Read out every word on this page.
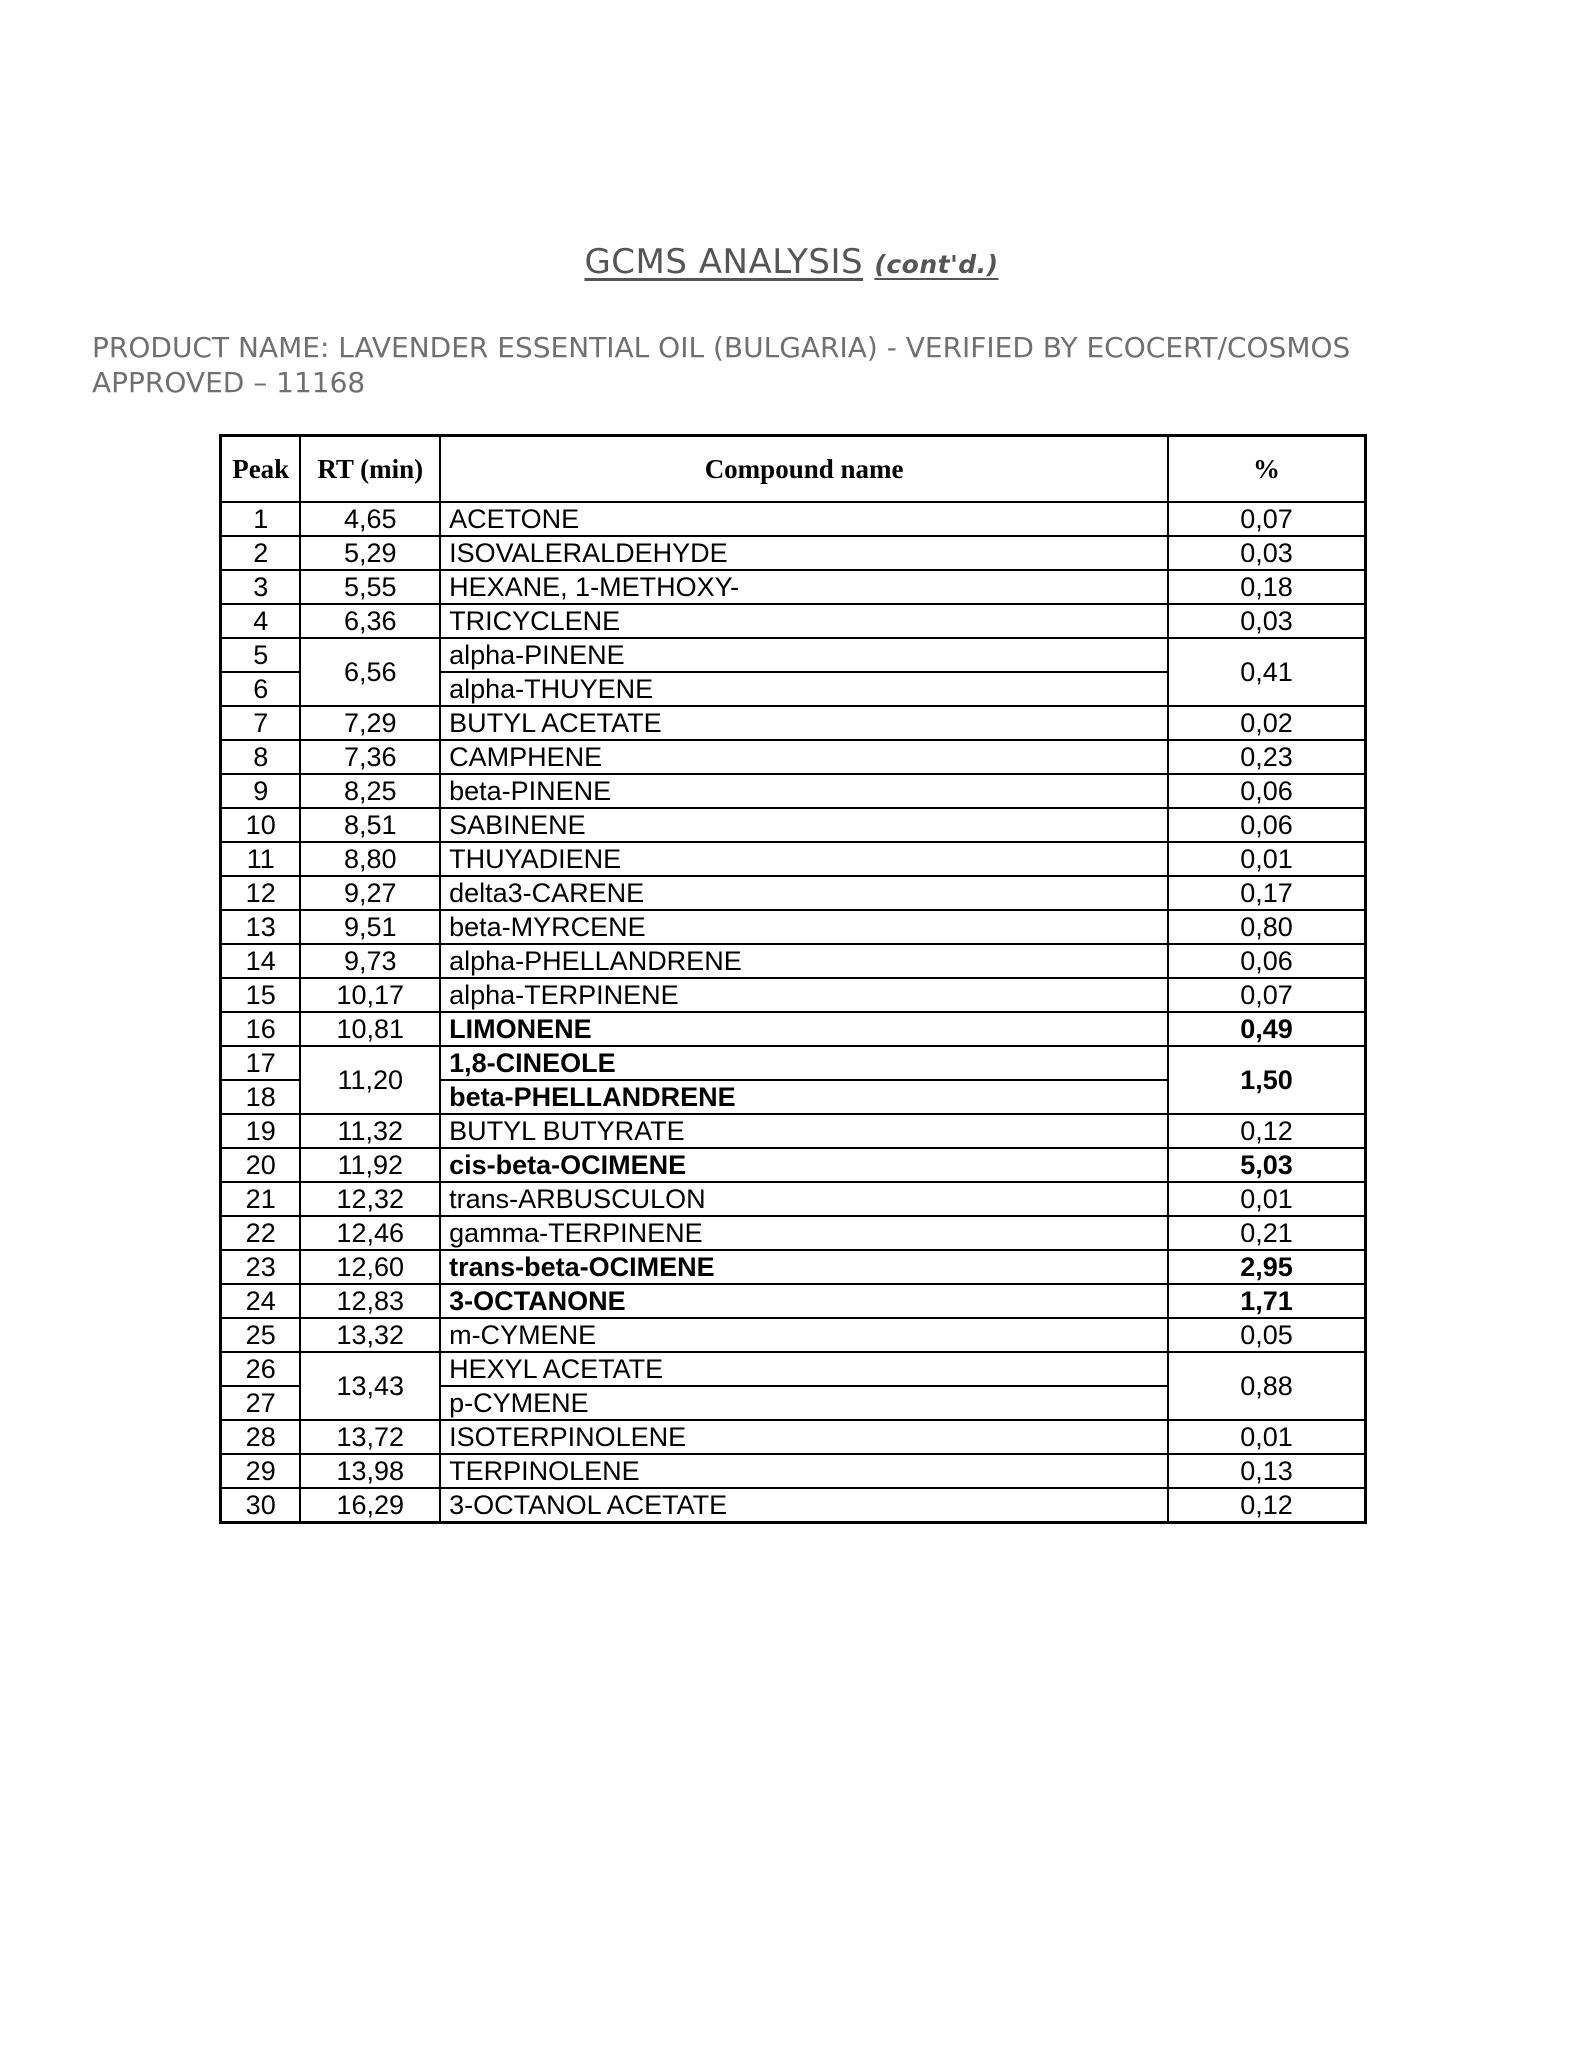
GCMS ANALYSIS (cont'd.)
PRODUCT NAME: LAVENDER ESSENTIAL OIL (BULGARIA) - VERIFIED BY ECOCERT/COSMOS
APPROVED – 11168
Peak	RT (min)	Compound name	%
1	4,65	ACETONE	0,07
2	5,29	ISOVALERALDEHYDE	0,03
3	5,55	HEXANE, 1-METHOXY-	0,18
4	6,36	TRICYCLENE	0,03
5	6,56	alpha-PINENE	0,41
6		alpha-THUYENE	
7	7,29	BUTYL ACETATE	0,02
8	7,36	CAMPHENE	0,23
9	8,25	beta-PINENE	0,06
10	8,51	SABINENE	0,06
11	8,80	THUYADIENE	0,01
12	9,27	delta3-CARENE	0,17
13	9,51	beta-MYRCENE	0,80
14	9,73	alpha-PHELLANDRENE	0,06
15	10,17	alpha-TERPINENE	0,07
16	10,81	LIMONENE	0,49
17	11,20	1,8-CINEOLE	1,50
18		beta-PHELLANDRENE	
19	11,32	BUTYL BUTYRATE	0,12
20	11,92	cis-beta-OCIMENE	5,03
21	12,32	trans-ARBUSCULON	0,01
22	12,46	gamma-TERPINENE	0,21
23	12,60	trans-beta-OCIMENE	2,95
24	12,83	3-OCTANONE	1,71
25	13,32	m-CYMENE	0,05
26	13,43	HEXYL ACETATE	0,88
27		p-CYMENE	
28	13,72	ISOTERPINOLENE	0,01
29	13,98	TERPINOLENE	0,13
30	16,29	3-OCTANOL ACETATE	0,12
